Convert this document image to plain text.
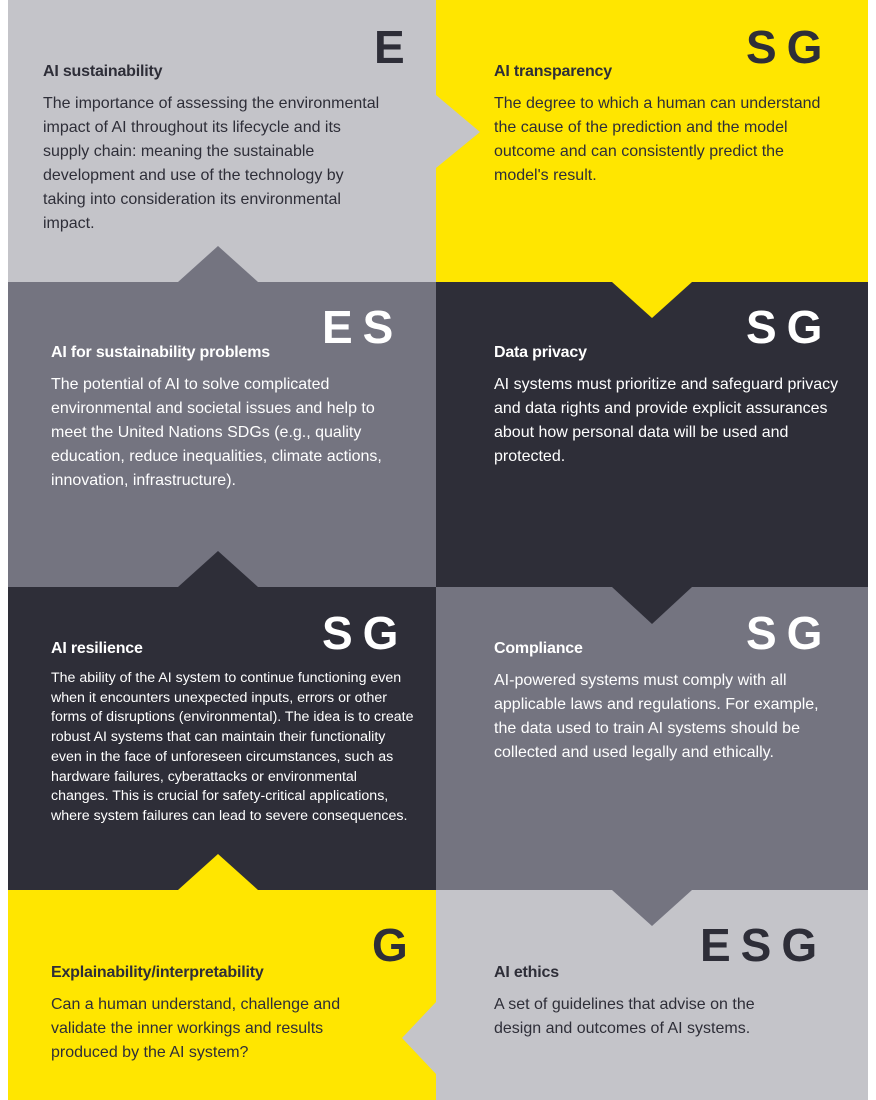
E
AI sustainability
The importance of assessing the environmental impact of AI throughout its lifecycle and its supply chain: meaning the sustainable development and use of the technology by taking into consideration its environmental impact.
SG
AI transparency
The degree to which a human can understand the cause of the prediction and the model outcome and can consistently predict the model's result.
ES
AI for sustainability problems
The potential of AI to solve complicated environmental and societal issues and help to meet the United Nations SDGs (e.g., quality education, reduce inequalities, climate actions, innovation, infrastructure).
SG
Data privacy
AI systems must prioritize and safeguard privacy and data rights and provide explicit assurances about how personal data will be used and protected.
SG
AI resilience
The ability of the AI system to continue functioning even when it encounters unexpected inputs, errors or other forms of disruptions (environmental). The idea is to create robust AI systems that can maintain their functionality even in the face of unforeseen circumstances, such as hardware failures, cyberattacks or environmental changes. This is crucial for safety-critical applications, where system failures can lead to severe consequences.
SG
Compliance
AI-powered systems must comply with all applicable laws and regulations. For example, the data used to train AI systems should be collected and used legally and ethically.
G
Explainability/interpretability
Can a human understand, challenge and validate the inner workings and results produced by the AI system?
ESG
AI ethics
A set of guidelines that advise on the design and outcomes of AI systems.
